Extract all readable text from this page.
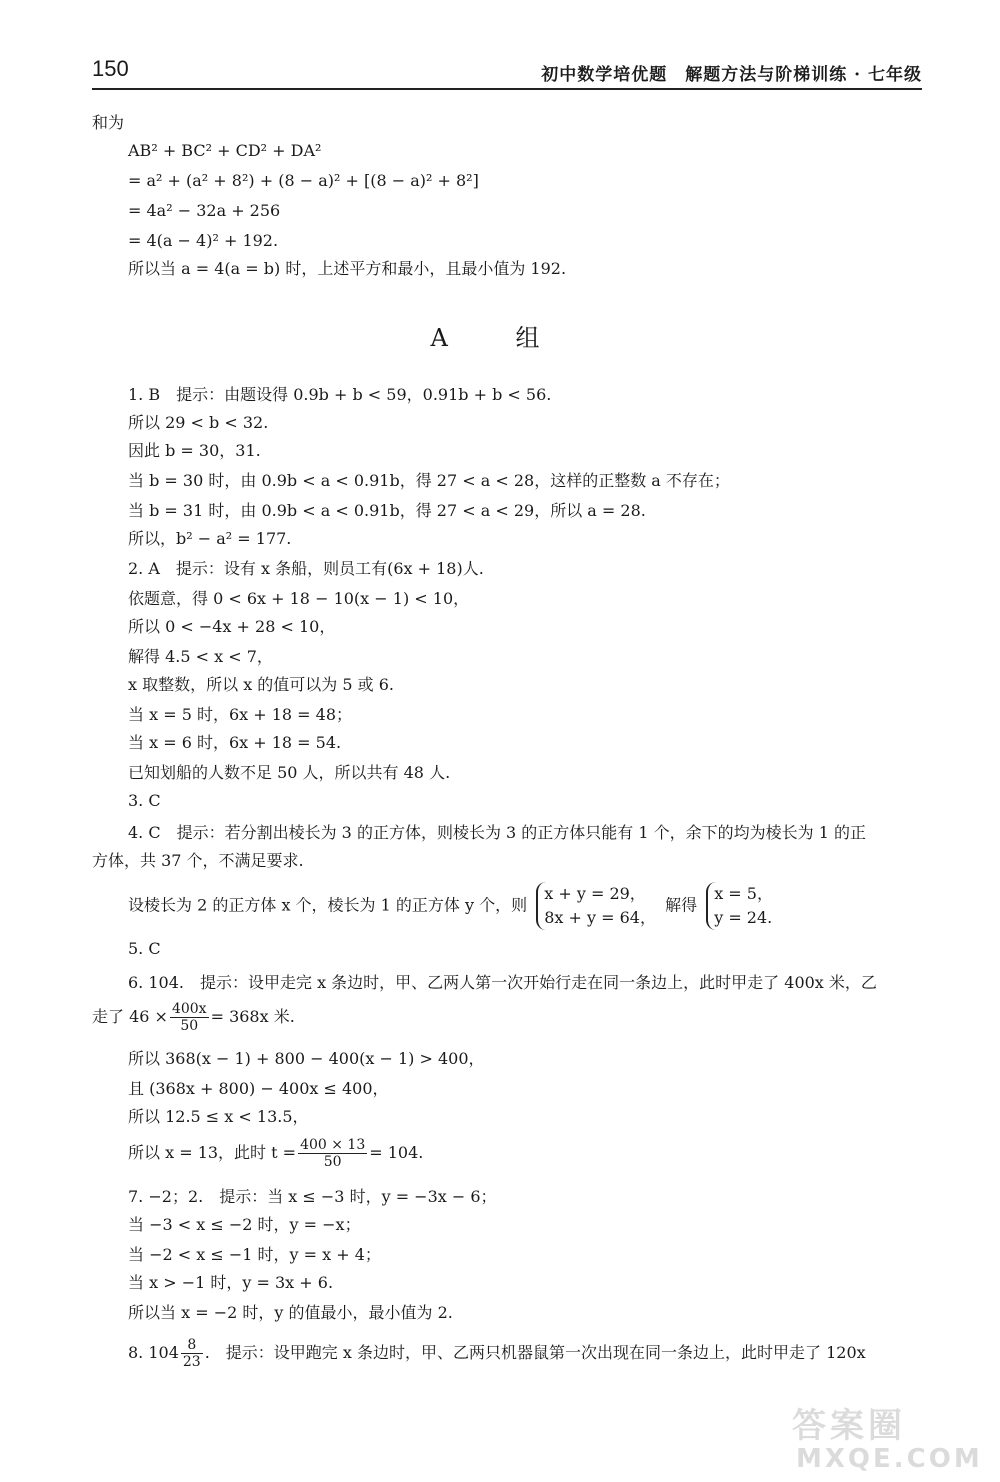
150	初中数学培优题　解题方法与阶梯训练 · 七年级
和为
AB² + BC² + CD² + DA²
= a² + (a² + 8²) + (8 − a)² + [(8 − a)² + 8²]
= 4a² − 32a + 256
= 4(a − 4)² + 192.
所以当 a = 4(a = b) 时，上述平方和最小，且最小值为 192.
A 组
1. B　提示：由题设得 0.9b + b < 59，0.91b + b < 56.
所以 29 < b < 32.
因此 b = 30，31.
当 b = 30 时，由 0.9b < a < 0.91b，得 27 < a < 28，这样的正整数 a 不存在；
当 b = 31 时，由 0.9b < a < 0.91b，得 27 < a < 29，所以 a = 28.
所以，b² − a² = 177.
2. A　提示：设有 x 条船，则员工有(6x + 18)人.
依题意，得 0 < 6x + 18 − 10(x − 1) < 10，
所以 0 < −4x + 28 < 10，
解得 4.5 < x < 7，
x 取整数，所以 x 的值可以为 5 或 6.
当 x = 5 时，6x + 18 = 48；
当 x = 6 时，6x + 18 = 54.
已知划船的人数不足 50 人，所以共有 48 人.
3. C
4. C　提示：若分割出棱长为 3 的正方体，则棱长为 3 的正方体只能有 1 个，余下的均为棱长为 1 的正
方体，共 37 个，不满足要求.
设棱长为 2 的正方体 x 个，棱长为 1 的正方体 y 个，则
x + y = 29，
8x + y = 64，
解得
x = 5，
y = 24.
5. C
6. 104.　提示：设甲走完 x 条边时，甲、乙两人第一次开始行走在同一条边上，此时甲走了 400x 米，乙
走了 $46 \times \frac{400x}{50} = 368x$ 米.
所以 368(x − 1) + 800 − 400(x − 1) > 400，
且 (368x + 800) − 400x ≤ 400，
所以 12.5 ≤ x < 13.5，
所以 x = 13，此时 $t = \frac{400 \times 13}{50} = 104$.
7. −2；2.　提示：当 x ≤ −3 时，y = −3x − 6；
当 −3 < x ≤ −2 时，y = −x；
当 −2 < x ≤ −1 时，y = x + 4；
当 x > −1 时，y = 3x + 6.
所以当 x = −2 时，y 的值最小，最小值为 2.
8. $104 \frac{8}{23}$ .　提示：设甲跑完 x 条边时，甲、乙两只机器鼠第一次出现在同一条边上，此时甲走了 120x
答案圈
MXQE.COM
